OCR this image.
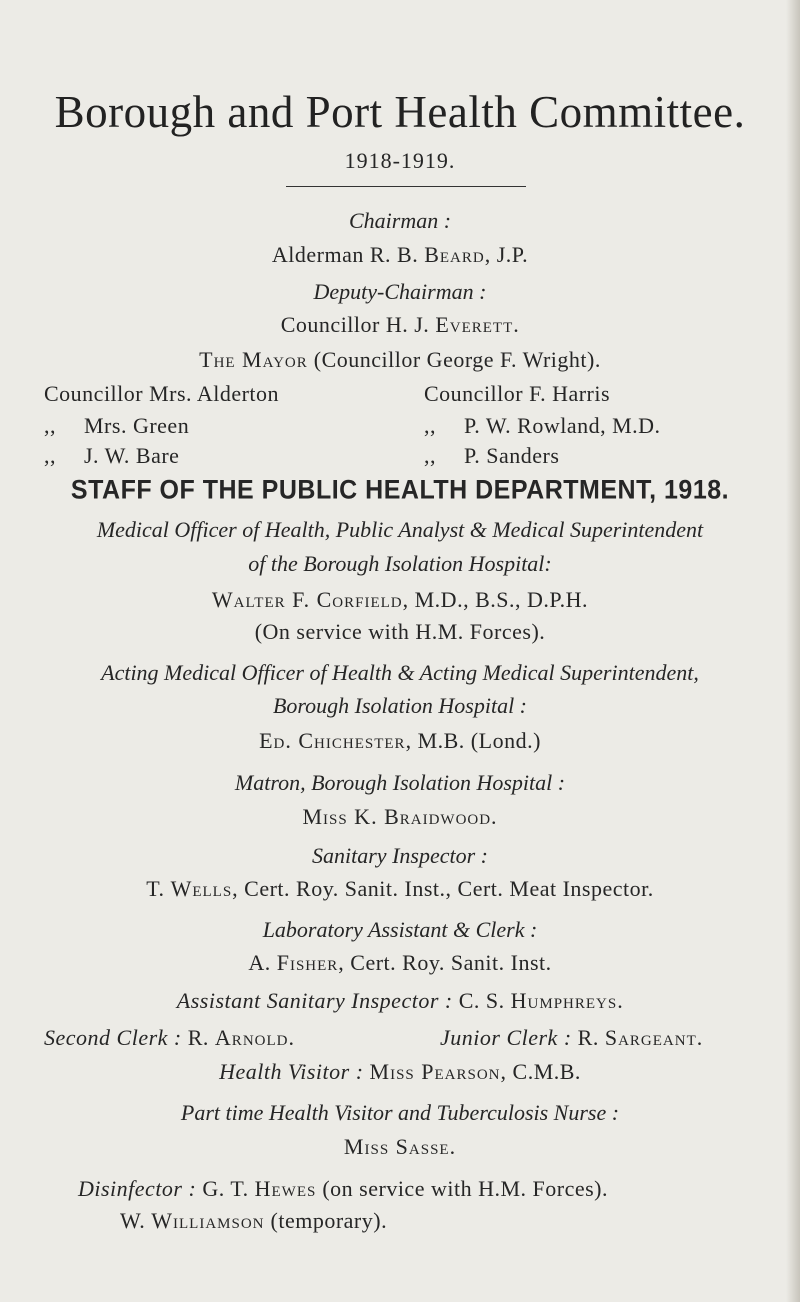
Borough and Port Health Committee.
1918-1919.
Chairman :
Alderman R. B. Beard, J.P.
Deputy-Chairman :
Councillor H. J. Everett.
The Mayor (Councillor George F. Wright).
Councillor Mrs. Alderton
,, Mrs. Green
,, J. W. Bare
Councillor F. Harris
,, P. W. Rowland, M.D.
,, P. Sanders
STAFF OF THE PUBLIC HEALTH DEPARTMENT, 1918.
Medical Officer of Health, Public Analyst & Medical Superintendent
of the Borough Isolation Hospital:
Walter F. Corfield, M.D., B.S., D.P.H.
(On service with H.M. Forces).
Acting Medical Officer of Health & Acting Medical Superintendent,
Borough Isolation Hospital :
Ed. Chichester, M.B. (Lond.)
Matron, Borough Isolation Hospital :
Miss K. Braidwood.
Sanitary Inspector :
T. Wells, Cert. Roy. Sanit. Inst., Cert. Meat Inspector.
Laboratory Assistant & Clerk :
A. Fisher, Cert. Roy. Sanit. Inst.
Assistant Sanitary Inspector : C. S. Humphreys.
Second Clerk : R. Arnold.	Junior Clerk : R. Sargeant.
Health Visitor : Miss Pearson, C.M.B.
Part time Health Visitor and Tuberculosis Nurse :
Miss Sasse.
Disinfector : G. T. Hewes (on service with H.M. Forces).
W. Williamson (temporary).
